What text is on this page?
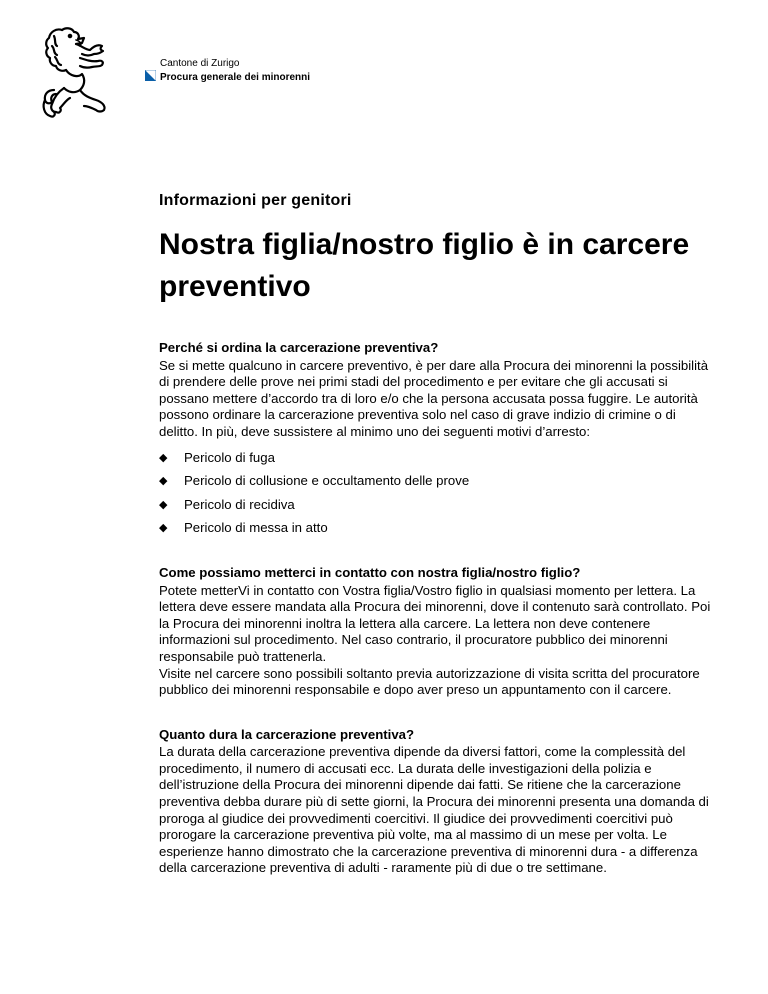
Cantone di Zurigo
Procura generale dei minorenni
Informazioni per genitori
Nostra figlia/nostro figlio è in carcere preventivo
Perché si ordina la carcerazione preventiva?

Se si mette qualcuno in carcere preventivo, è per dare alla Procura dei minorenni la possibilità di prendere delle prove nei primi stadi del procedimento e per evitare che gli accusati si possano mettere d’accordo tra di loro e/o che la persona accusata possa fuggire. Le autorità possono ordinare la carcerazione preventiva solo nel caso di grave indizio di crimine o di delitto. In più, deve sussistere al minimo uno dei seguenti motivi d’arresto:

◆ Pericolo di fuga
◆ Pericolo di collusione e occultamento delle prove
◆ Pericolo di recidiva
◆ Pericolo di messa in atto
Come possiamo metterci in contatto con nostra figlia/nostro figlio?

Potete metterVi in contatto con Vostra figlia/Vostro figlio in qualsiasi momento per lettera. La lettera deve essere mandata alla Procura dei minorenni, dove il contenuto sarà controllato. Poi la Procura dei minorenni inoltra la lettera alla carcere. La lettera non deve contenere informazioni sul procedimento. Nel caso contrario, il procuratore pubblico dei minorenni responsabile può trattenerla.

Visite nel carcere sono possibili soltanto previa autorizzazione di visita scritta del procuratore pubblico dei minorenni responsabile e dopo aver preso un appuntamento con il carcere.

Quanto dura la carcerazione preventiva?

La durata della carcerazione preventiva dipende da diversi fattori, come la complessità del procedimento, il numero di accusati ecc. La durata delle investigazioni della polizia e dell’istruzione della Procura dei minorenni dipende dai fatti. Se ritiene che la carcerazione preventiva debba durare più di sette giorni, la Procura dei minorenni presenta una domanda di proroga al giudice dei provvedimenti coercitivi. Il giudice dei provvedimenti coercitivi può prorogare la carcerazione preventiva più volte, ma al massimo di un mese per volta. Le esperienze hanno dimostrato che la carcerazione preventiva di minorenni dura - a differenza della carcerazione preventiva di adulti - raramente più di due o tre settimane.
